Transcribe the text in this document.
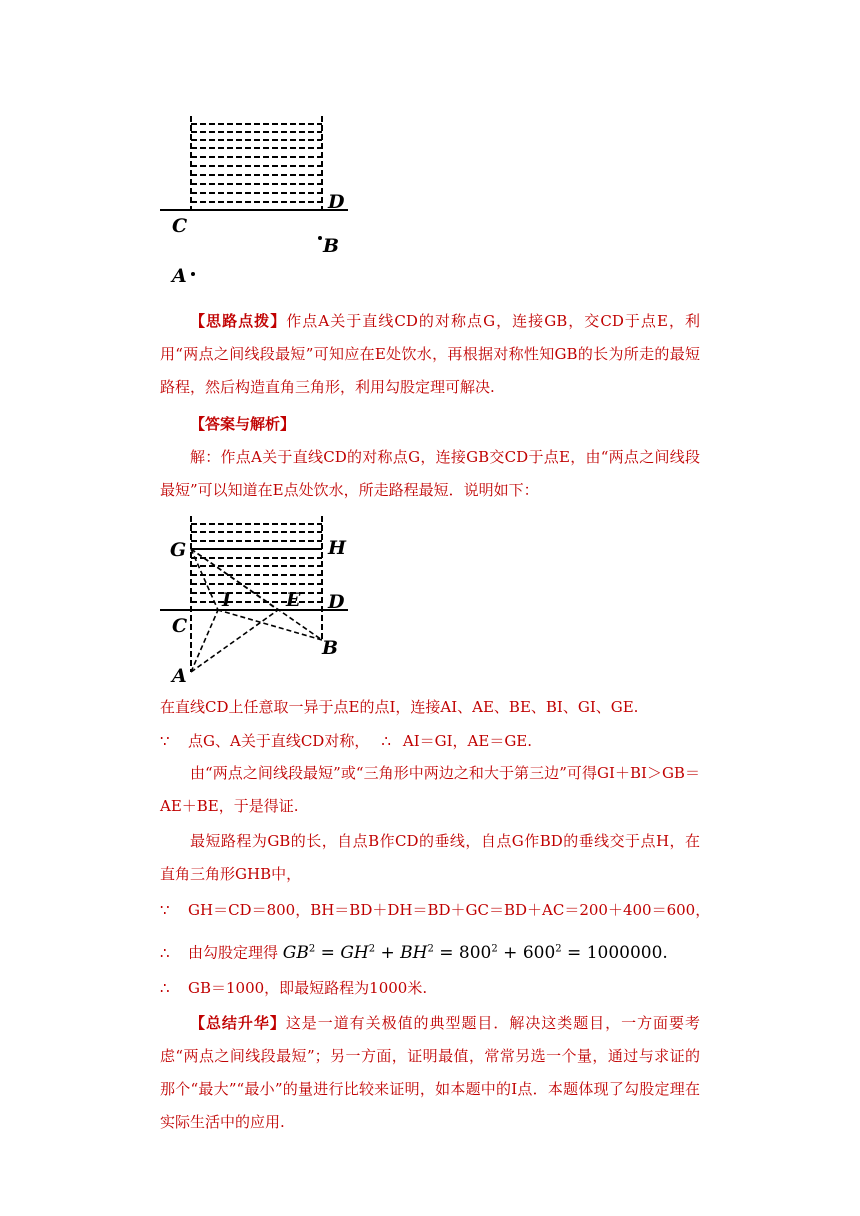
C
D
B
A

【思路点拨】作点A关于直线CD的对称点G，连接GB，交CD于点E，利用“两点之间线段最短”可知应在E处饮水，再根据对称性知GB的长为所走的最短路程，然后构造直角三角形，利用勾股定理可解决.

【答案与解析】

解：作点A关于直线CD的对称点G，连接GB交CD于点E，由“两点之间线段最短”可以知道在E点处饮水，所走路程最短．说明如下：

G	H
I	E D
C
B
A
在直线CD上任意取一异于点E的点I，连接AI、AE、BE、BI、GI、GE.
∵ 点G、A关于直线CD对称， ∴ AI＝GI，AE＝GE.

由“两点之间线段最短”或“三角形中两边之和大于第三边”可得GI＋BI＞GB＝AE＋BE，于是得证.

最短路程为GB的长，自点B作CD的垂线，自点G作BD的垂线交于点H，在直角三角形GHB中，

∵ GH＝CD＝800，BH＝BD＋DH＝BD＋GC＝BD＋AC＝200＋400＝600，
∴ 由勾股定理得 $GB^2 = GH^2 + BH^2 = 800^2 + 600^2 = 1000000$.
∴ GB＝1000，即最短路程为1000米.

【总结升华】这是一道有关极值的典型题目．解决这类题目，一方面要考虑“两点之间线段最短”；另一方面，证明最值，常常另选一个量，通过与求证的那个“最大”“最小”的量进行比较来证明，如本题中的I点．本题体现了勾股定理在实际生活中的应用.
